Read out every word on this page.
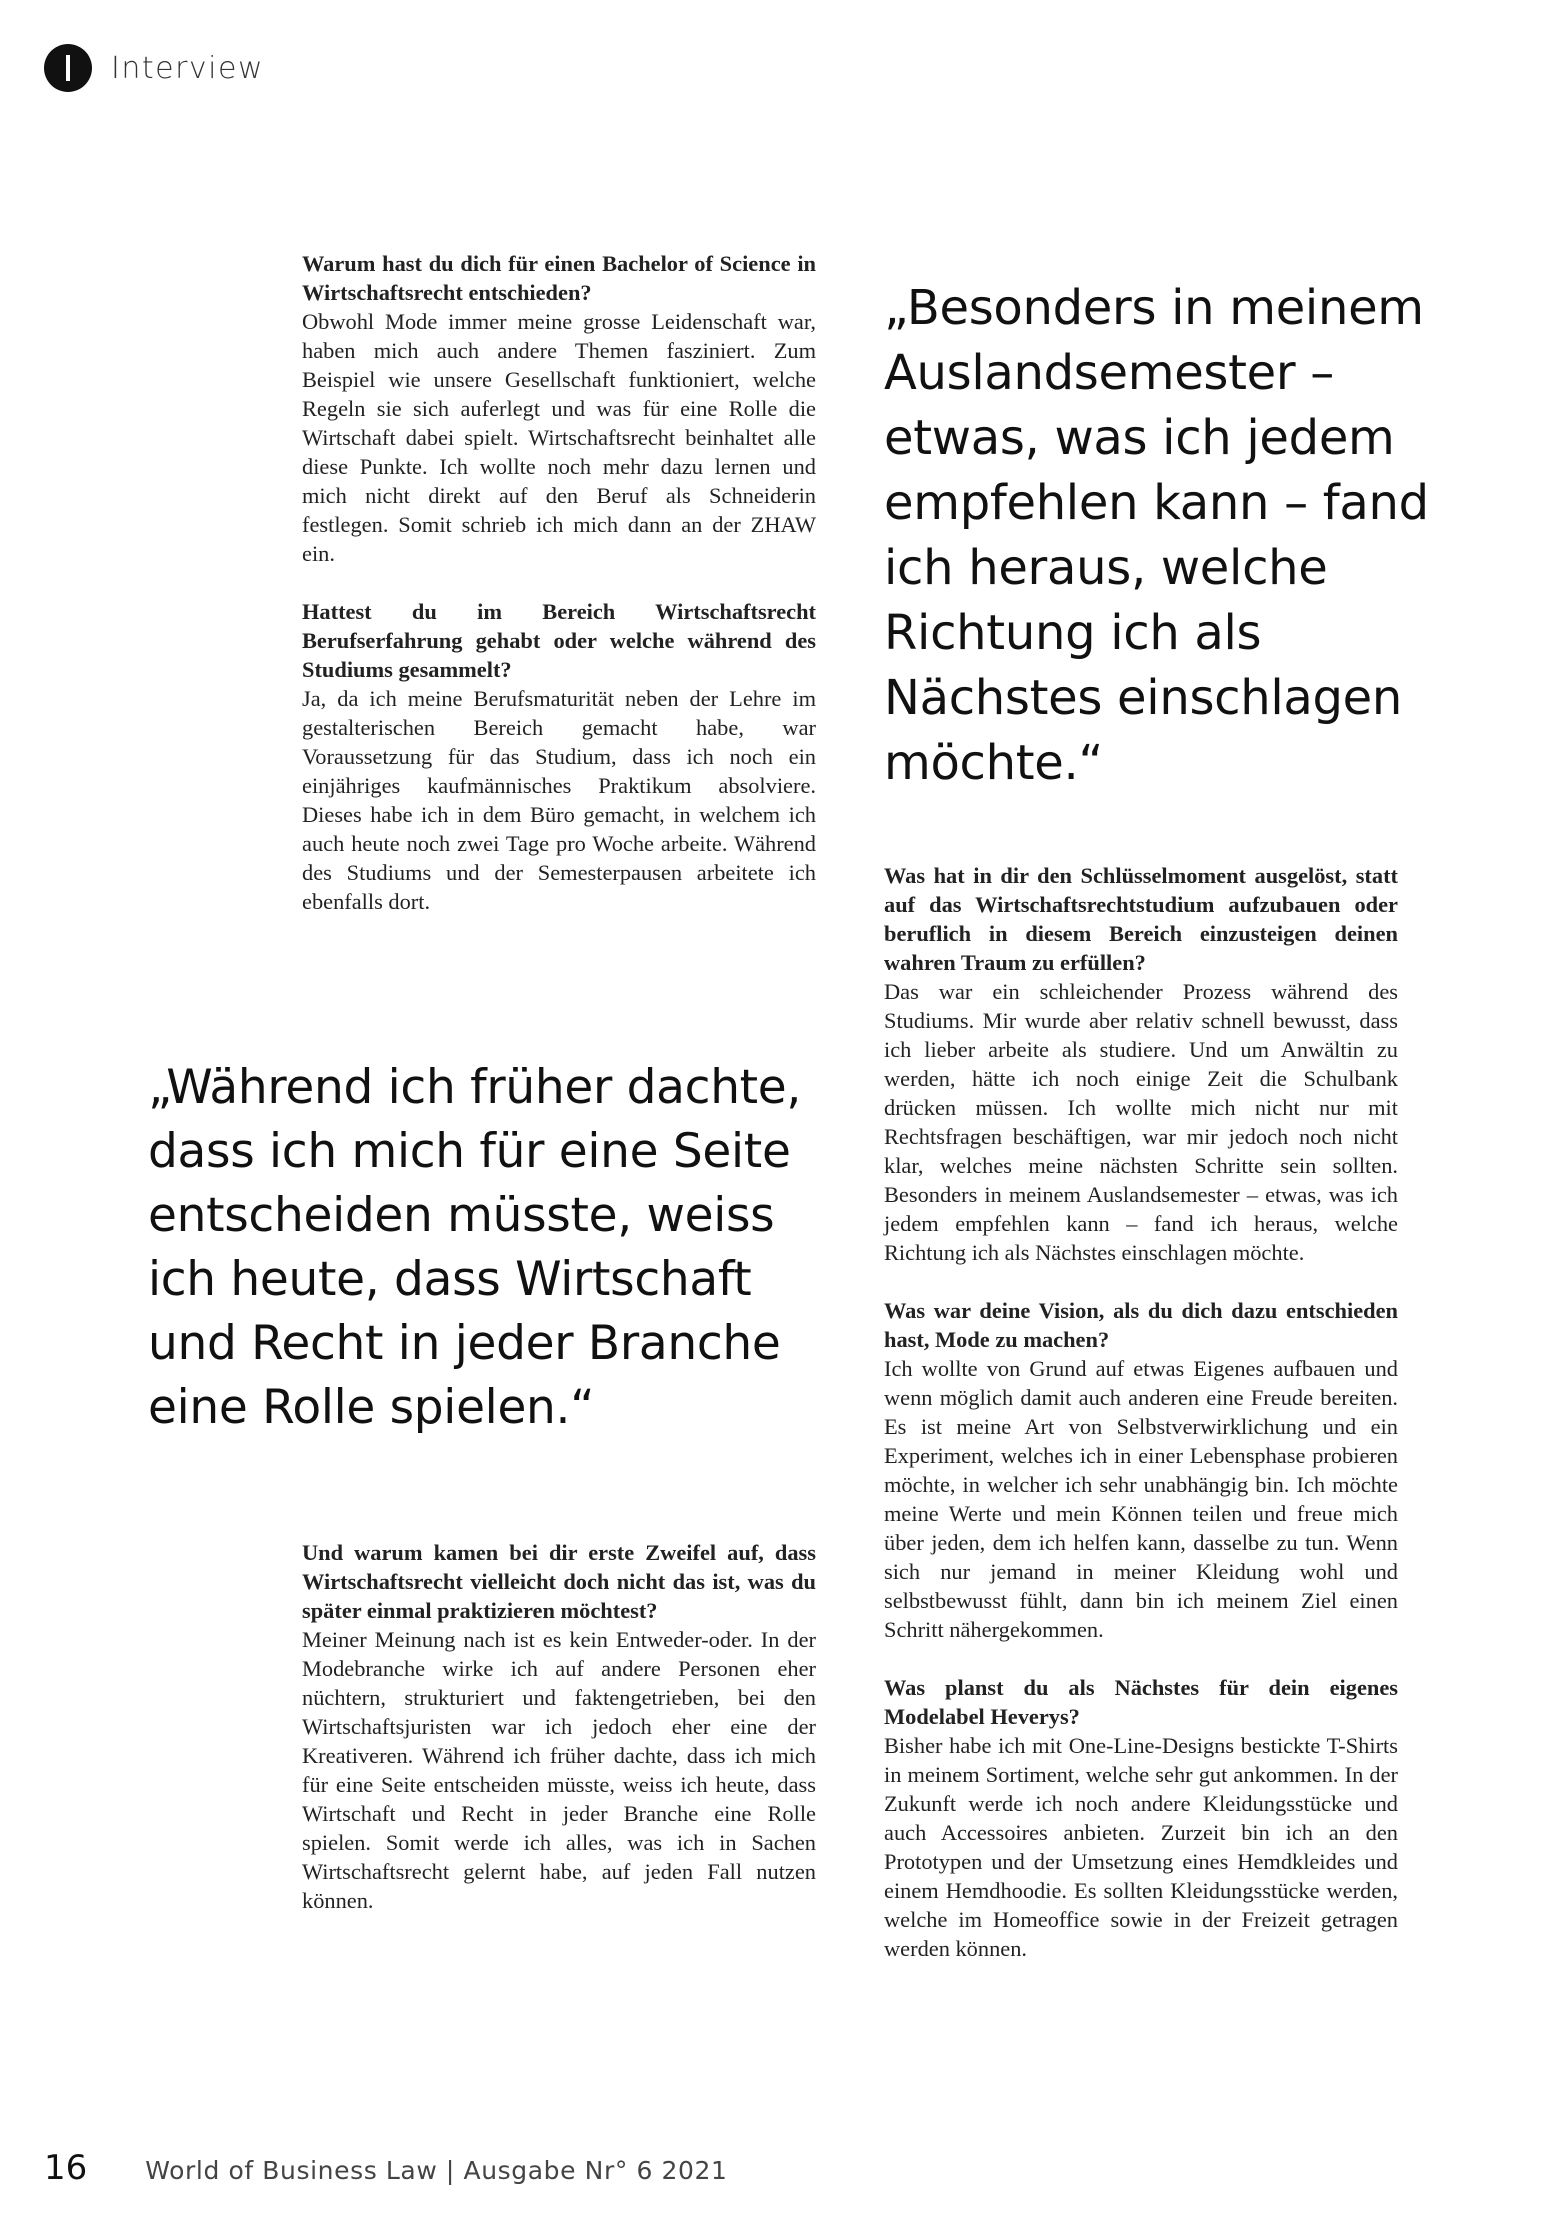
Interview
„Besonders in meinem Auslandsemester – etwas, was ich jedem empfehlen kann – fand ich heraus, welche Richtung ich als Nächstes einschlagen möchte.“
„Während ich früher dachte, dass ich mich für eine Seite entscheiden müsste, weiss ich heute, dass Wirtschaft und Recht in jeder Branche eine Rolle spielen.“

Warum hast du dich für einen Bachelor of Science in Wirtschaftsrecht entschieden?

Obwohl Mode immer meine grosse Leidenschaft war, haben mich auch andere Themen fasziniert. Zum Beispiel wie unsere Gesellschaft funktioniert, welche Regeln sie sich auferlegt und was für eine Rolle die Wirtschaft dabei spielt. Wirtschaftsrecht beinhaltet alle diese Punkte. Ich wollte noch mehr dazu lernen und mich nicht direkt auf den Beruf als Schneiderin festlegen. Somit schrieb ich mich dann an der ZHAW ein.

Hattest du im Bereich Wirtschaftsrecht Berufserfahrung gehabt oder welche während des Studiums gesammelt?

Ja, da ich meine Berufsmaturität neben der Lehre im gestalterischen Bereich gemacht habe, war Voraussetzung für das Studium, dass ich noch ein einjähriges kaufmännisches Praktikum absolviere. Dieses habe ich in dem Büro gemacht, in welchem ich auch heute noch zwei Tage pro Woche arbeite. Während des Studiums und der Semesterpausen arbeitete ich ebenfalls dort.

Und warum kamen bei dir erste Zweifel auf, dass Wirtschaftsrecht vielleicht doch nicht das ist, was du später einmal praktizieren möchtest?

Meiner Meinung nach ist es kein Entweder-oder. In der Modebranche wirke ich auf andere Personen eher nüchtern, strukturiert und faktengetrieben, bei den Wirtschaftsjuristen war ich jedoch eher eine der Kreativeren. Während ich früher dachte, dass ich mich für eine Seite entscheiden müsste, weiss ich heute, dass Wirtschaft und Recht in jeder Branche eine Rolle spielen. Somit werde ich alles, was ich in Sachen Wirtschaftsrecht gelernt habe, auf jeden Fall nutzen können.

Was hat in dir den Schlüsselmoment ausgelöst, statt auf das Wirtschaftsrechtstudium aufzubauen oder beruflich in diesem Bereich einzusteigen deinen wahren Traum zu erfüllen?

Das war ein schleichender Prozess während des Studiums. Mir wurde aber relativ schnell bewusst, dass ich lieber arbeite als studiere. Und um Anwältin zu werden, hätte ich noch einige Zeit die Schulbank drücken müssen. Ich wollte mich nicht nur mit Rechtsfragen beschäftigen, war mir jedoch noch nicht klar, welches meine nächsten Schritte sein sollten. Besonders in meinem Auslandsemester – etwas, was ich jedem empfehlen kann – fand ich heraus, welche Richtung ich als Nächstes einschlagen möchte.

Was war deine Vision, als du dich dazu entschieden hast, Mode zu machen?

Ich wollte von Grund auf etwas Eigenes aufbauen und wenn möglich damit auch anderen eine Freude bereiten. Es ist meine Art von Selbstverwirklichung und ein Experiment, welches ich in einer Lebensphase probieren möchte, in welcher ich sehr unabhängig bin. Ich möchte meine Werte und mein Können teilen und freue mich über jeden, dem ich helfen kann, dasselbe zu tun. Wenn sich nur jemand in meiner Kleidung wohl und selbstbewusst fühlt, dann bin ich meinem Ziel einen Schritt nähergekommen.

Was planst du als Nächstes für dein eigenes Modelabel Heverys?

Bisher habe ich mit One-Line-Designs bestickte T-Shirts in meinem Sortiment, welche sehr gut ankommen. In der Zukunft werde ich noch andere Kleidungsstücke und auch Accessoires anbieten. Zurzeit bin ich an den Prototypen und der Umsetzung eines Hemdkleides und einem Hemdhoodie. Es sollten Kleidungsstücke werden, welche im Homeoffice sowie in der Freizeit getragen werden können.

16 World of Business Law | Ausgabe Nr° 6 2021
